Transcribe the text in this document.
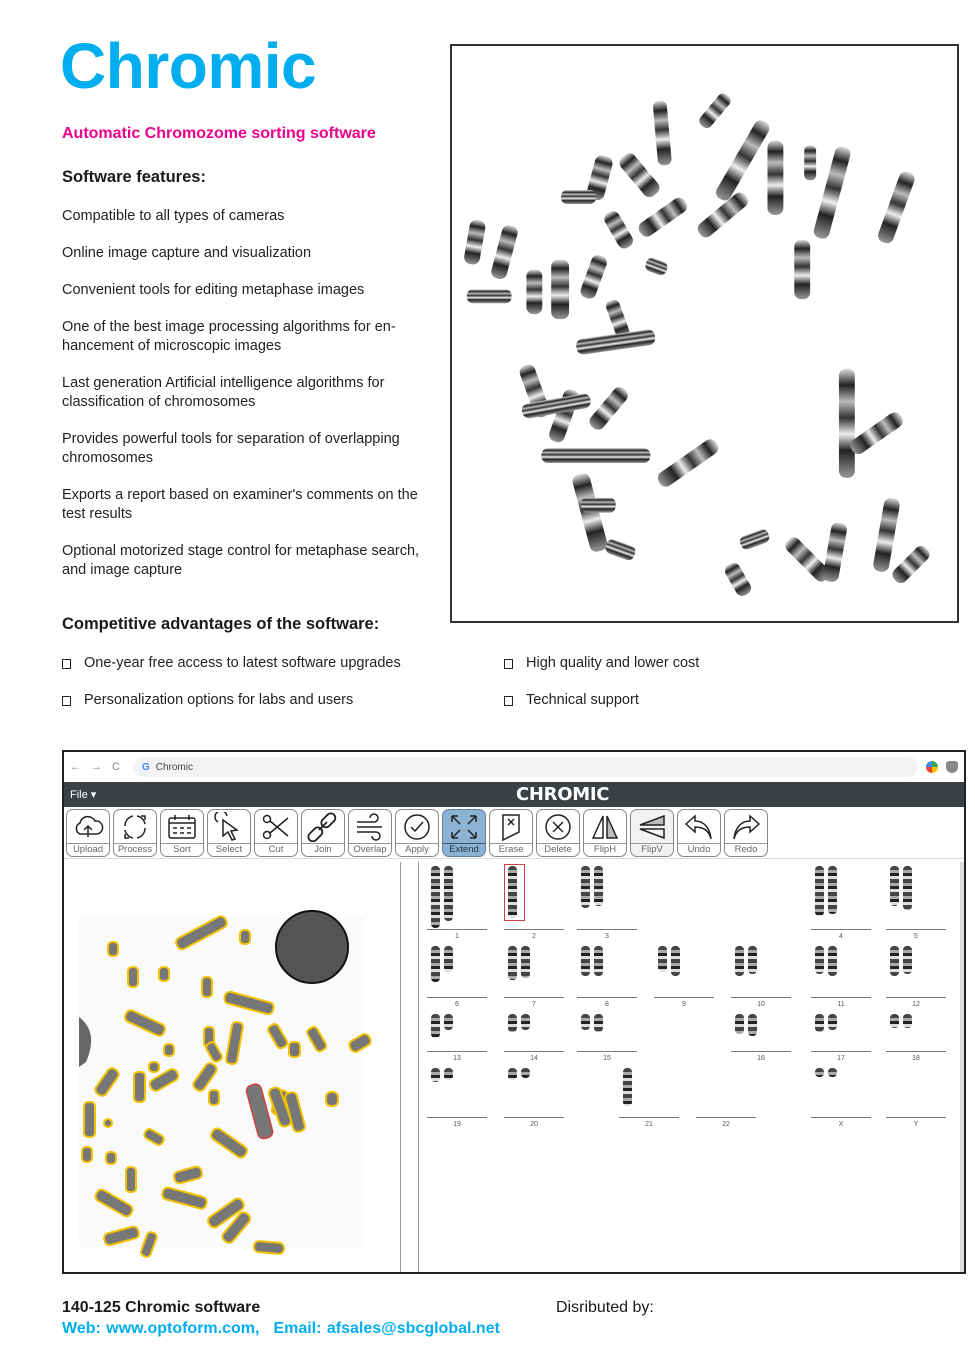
Chromic
Automatic Chromozome sorting software
Software features:
Compatible to all types of cameras
Online image capture and visualization
Convenient tools for editing metaphase images
One of the best image processing algorithms for en-hancement of microscopic images
Last generation Artificial intelligence algorithms for classification of chromosomes
Provides powerful tools for separation of overlapping chromosomes
Exports a report based on examiner's comments on the test results
Optional motorized stage control for metaphase search, and image capture
Competitive advantages of the software:
One-year free access to latest software upgrades	High quality and lower cost
Personalization options for labs and users	Technical support
← → C G Chromic
File ▾	CHROMIC
Upload	Process	Sort	Select	Cut	Join	Overlap	Apply	Extend	Erase	Delete	FlipH	FlipV	Undo	Redo
1	2	3	4	5
6	7	8	9	10	11	12
13	14	15	16	17	18
19	20	21	22	X	Y
140-125 Chromic software
Web: www.optoform.com, Email: afsales@sbcglobal.net
Disributed by:
